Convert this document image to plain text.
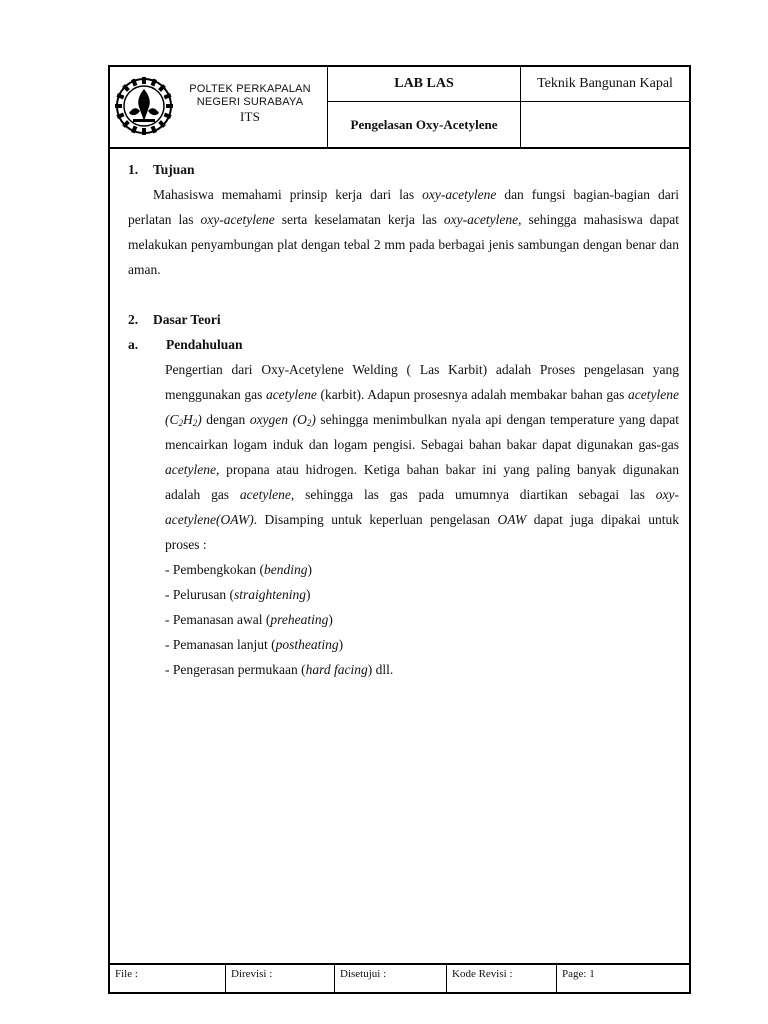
POLTEK PERKAPALAN
NEGERI SURABAYA
ITS
LAB LAS	Teknik Bangunan Kapal
Pengelasan Oxy-Acetylene
1. Tujuan

Mahasiswa memahami prinsip kerja dari las oxy-acetylene dan fungsi bagian-bagian dari perlatan las oxy-acetylene serta keselamatan kerja las oxy-acetylene, sehingga mahasiswa dapat melakukan penyambungan plat dengan tebal 2 mm pada berbagai jenis sambungan dengan benar dan aman.

2. Dasar Teori
a. Pendahuluan

Pengertian dari Oxy-Acetylene Welding ( Las Karbit) adalah Proses pengelasan yang menggunakan gas acetylene (karbit). Adapun prosesnya adalah membakar bahan gas acetylene $(C_2H_2)$ dengan oxygen $(O_2)$ sehingga menimbulkan nyala api dengan temperature yang dapat mencairkan logam induk dan logam pengisi. Sebagai bahan bakar dapat digunakan gas-gas acetylene, propana atau hidrogen. Ketiga bahan bakar ini yang paling banyak digunakan adalah gas acetylene, sehingga las gas pada umumnya diartikan sebagai las oxy- acetylene(OAW). Disamping untuk keperluan pengelasan OAW dapat juga dipakai untuk proses :

- Pembengkokan (bending)

- Pelurusan (straightening)

- Pemanasan awal (preheating)

- Pemanasan lanjut (postheating)

- Pengerasan permukaan (hard facing) dll.

File :	Direvisi :	Disetujui :	Kode Revisi :	Page: 1
